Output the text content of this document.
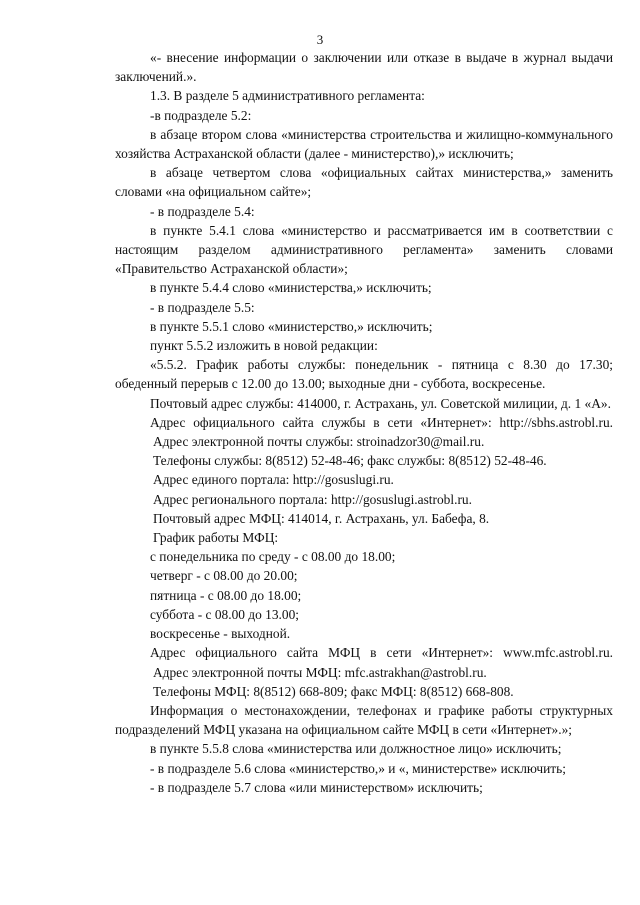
3

«- внесение информации о заключении или отказе в выдаче в журнал выдачи заключений.».

1.3. В разделе 5 административного регламента:

-в подразделе 5.2:

в абзаце втором слова «министерства строительства и жилищно-коммунального хозяйства Астраханской области (далее - министерство),» исключить;

в абзаце четвертом слова «официальных сайтах министерства,» заменить словами «на официальном сайте»;

- в подразделе 5.4:

в пункте 5.4.1 слова «министерство и рассматривается им в соответствии с настоящим разделом административного регламента» заменить словами «Правительство Астраханской области»;

в пункте 5.4.4 слово «министерства,» исключить;

- в подразделе 5.5:

в пункте 5.5.1 слово «министерство,» исключить;

пункт 5.5.2 изложить в новой редакции:

«5.5.2. График работы службы: понедельник - пятница с 8.30 до 17.30; обеденный перерыв с 12.00 до 13.00; выходные дни - суббота, воскресенье.

Почтовый адрес службы: 414000, г. Астрахань, ул. Советской милиции, д. 1 «А».

Адрес официального сайта службы в сети «Интернет»: http://sbhs.astrobl.ru.

Адрес электронной почты службы: stroinadzor30@mail.ru.

Телефоны службы: 8(8512) 52-48-46; факс службы: 8(8512) 52-48-46.

Адрес единого портала: http://gosuslugi.ru.

Адрес регионального портала: http://gosuslugi.astrobl.ru.

Почтовый адрес МФЦ: 414014, г. Астрахань, ул. Бабефа, 8.

График работы МФЦ:

с понедельника по среду - с 08.00 до 18.00;

четверг - с 08.00 до 20.00;

пятница - с 08.00 до 18.00;

суббота - с 08.00 до 13.00;

воскресенье - выходной.

Адрес официального сайта МФЦ в сети «Интернет»: www.mfc.astrobl.ru.

Адрес электронной почты МФЦ: mfc.astrakhan@astrobl.ru.

Телефоны МФЦ: 8(8512) 668-809; факс МФЦ: 8(8512) 668-808.

Информация о местонахождении, телефонах и графике работы структурных подразделений МФЦ указана на официальном сайте МФЦ в сети «Интернет».»;

в пункте 5.5.8 слова «министерства или должностное лицо» исключить;

- в подразделе 5.6 слова «министерство,» и «, министерстве» исключить;

- в подразделе 5.7 слова «или министерством» исключить;
